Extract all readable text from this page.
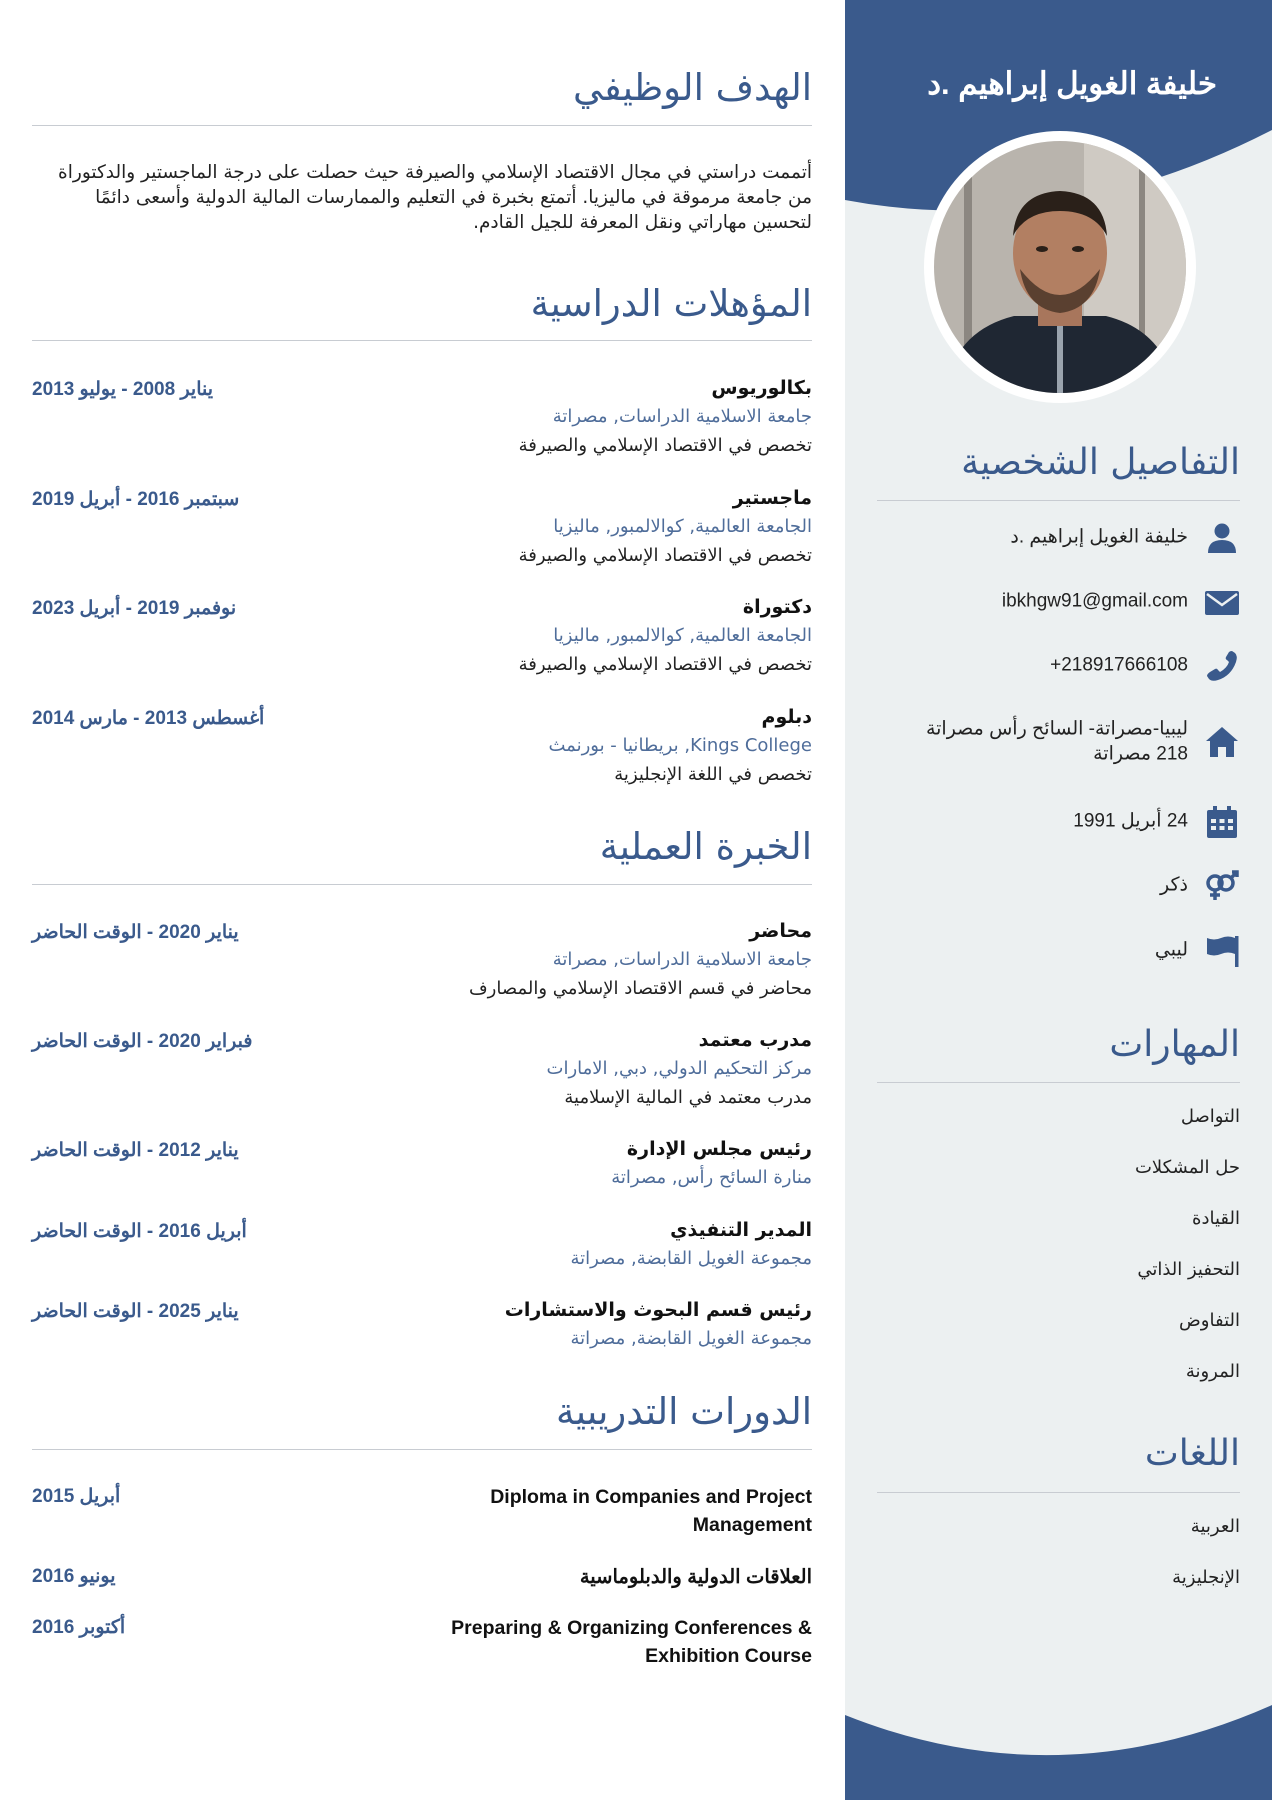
خليفة الغويل إبراهيم .د
التفاصيل الشخصية
خليفة الغويل إبراهيم .د
ibkhgw91@gmail.com
+218917666108
ليبيا-مصراتة- السائح رأس مصراتة 218 مصراتة
24 أبريل 1991
ذكر
ليبي
المهارات
التواصل
حل المشكلات
القيادة
التحفيز الذاتي
التفاوض
المرونة
اللغات
العربية
الإنجليزية
الهدف الوظيفي
أتممت دراستي في مجال الاقتصاد الإسلامي والصيرفة حيث حصلت على درجة الماجستير والدكتوراة من جامعة مرموقة في ماليزيا. أتمتع بخبرة في التعليم والممارسات المالية الدولية وأسعى دائمًا لتحسين مهاراتي ونقل المعرفة للجيل القادم.
المؤهلات الدراسية
بكالوريوس
يناير 2008 - يوليو 2013
جامعة الاسلامية الدراسات, مصراتة
تخصص في الاقتصاد الإسلامي والصيرفة
ماجستير
سبتمبر 2016 - أبريل 2019
الجامعة العالمية, كوالالمبور, ماليزيا
تخصص في الاقتصاد الإسلامي والصيرفة
دكتوراة
نوفمبر 2019 - أبريل 2023
الجامعة العالمية, كوالالمبور, ماليزيا
تخصص في الاقتصاد الإسلامي والصيرفة
دبلوم
أغسطس 2013 - مارس 2014
Kings College, بريطانيا - بورنمث
تخصص في اللغة الإنجليزية
الخبرة العملية
محاضر
يناير 2020 - الوقت الحاضر
جامعة الاسلامية الدراسات, مصراتة
محاضر في قسم الاقتصاد الإسلامي والمصارف
مدرب معتمد
فبراير 2020 - الوقت الحاضر
مركز التحكيم الدولي, دبي, الامارات
مدرب معتمد في المالية الإسلامية
رئيس مجلس الإدارة
يناير 2012 - الوقت الحاضر
منارة السائح رأس, مصراتة
المدير التنفيذي
أبريل 2016 - الوقت الحاضر
مجموعة الغويل القابضة, مصراتة
رئيس قسم البحوث والاستشارات
يناير 2025 - الوقت الحاضر
مجموعة الغويل القابضة, مصراتة
الدورات التدريبية
Diploma in Companies and Project Management
أبريل 2015
العلاقات الدولية والدبلوماسية
يونيو 2016
Preparing & Organizing Conferences & Exhibition Course
أكتوبر 2016
